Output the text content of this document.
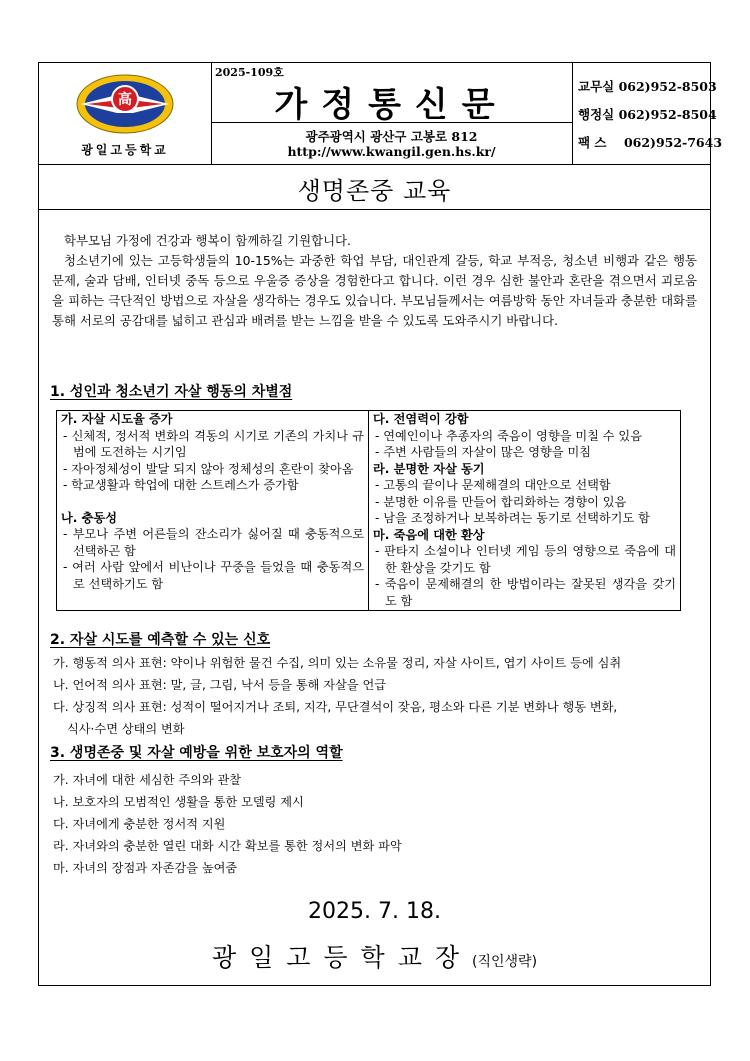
高
광일고등학교
2025-109호
가정통신문
광주광역시 광산구 고봉로 812
http://www.kwangil.gen.hs.kr/
교무실 062)952-8503
행정실 062)952-8504
팩 스 062)952-7643
생명존중 교육

학부모님 가정에 건강과 행복이 함께하길 기원합니다.

청소년기에 있는 고등학생들의 10-15%는 과중한 학업 부담, 대인관계 갈등, 학교 부적응, 청소년 비행과 같은 행동 문제, 술과 담배, 인터넷 중독 등으로 우울증 증상을 경험한다고 합니다. 이런 경우 심한 불안과 혼란을 겪으면서 괴로움을 피하는 극단적인 방법으로 자살을 생각하는 경우도 있습니다. 부모님들께서는 여름방학 동안 자녀들과 충분한 대화를 통해 서로의 공감대를 넓히고 관심과 배려를 받는 느낌을 받을 수 있도록 도와주시기 바랍니다.

1. 성인과 청소년기 자살 행동의 차별점
가. 자살 시도율 증가

- 신체적, 정서적 변화의 격동의 시기로 기존의 가치나 규범에 도전하는 시기임

- 자아정체성이 발달 되지 않아 정체성의 혼란이 찾아옴

- 학교생활과 학업에 대한 스트레스가 증가함

나. 충동성

- 부모나 주변 어른들의 잔소리가 싫어질 때 충동적으로 선택하곤 함

- 여러 사람 앞에서 비난이나 꾸중을 들었을 때 충동적으로 선택하기도 함

다. 전염력이 강함

- 연예인이나 추종자의 죽음이 영향을 미칠 수 있음

- 주변 사람들의 자살이 많은 영향을 미침

라. 분명한 자살 동기

- 고통의 끝이나 문제해결의 대안으로 선택함

- 분명한 이유를 만들어 합리화하는 경향이 있음

- 남을 조정하거나 보복하려는 동기로 선택하기도 함

마. 죽음에 대한 환상

- 판타지 소설이나 인터넷 게임 등의 영향으로 죽음에 대한 환상을 갖기도 함

- 죽음이 문제해결의 한 방법이라는 잘못된 생각을 갖기도 함

2. 자살 시도를 예측할 수 있는 신호
가. 행동적 의사 표현: 약이나 위험한 물건 수집, 의미 있는 소유물 정리, 자살 사이트, 엽기 사이트 등에 심취
나. 언어적 의사 표현: 말, 글, 그림, 낙서 등을 통해 자살을 언급
다. 상징적 의사 표현: 성적이 떨어지거나 조퇴, 지각, 무단결석이 잦음, 평소와 다른 기분 변화나 행동 변화,
식사·수면 상태의 변화
3. 생명존중 및 자살 예방을 위한 보호자의 역할
가. 자녀에 대한 세심한 주의와 관찰
나. 보호자의 모범적인 생활을 통한 모델링 제시
다. 자녀에게 충분한 정서적 지원
라. 자녀와의 충분한 열린 대화 시간 확보를 통한 정서의 변화 파악
마. 자녀의 장점과 자존감을 높여줌
2025. 7. 18.
광일고등학교장(직인생략)
